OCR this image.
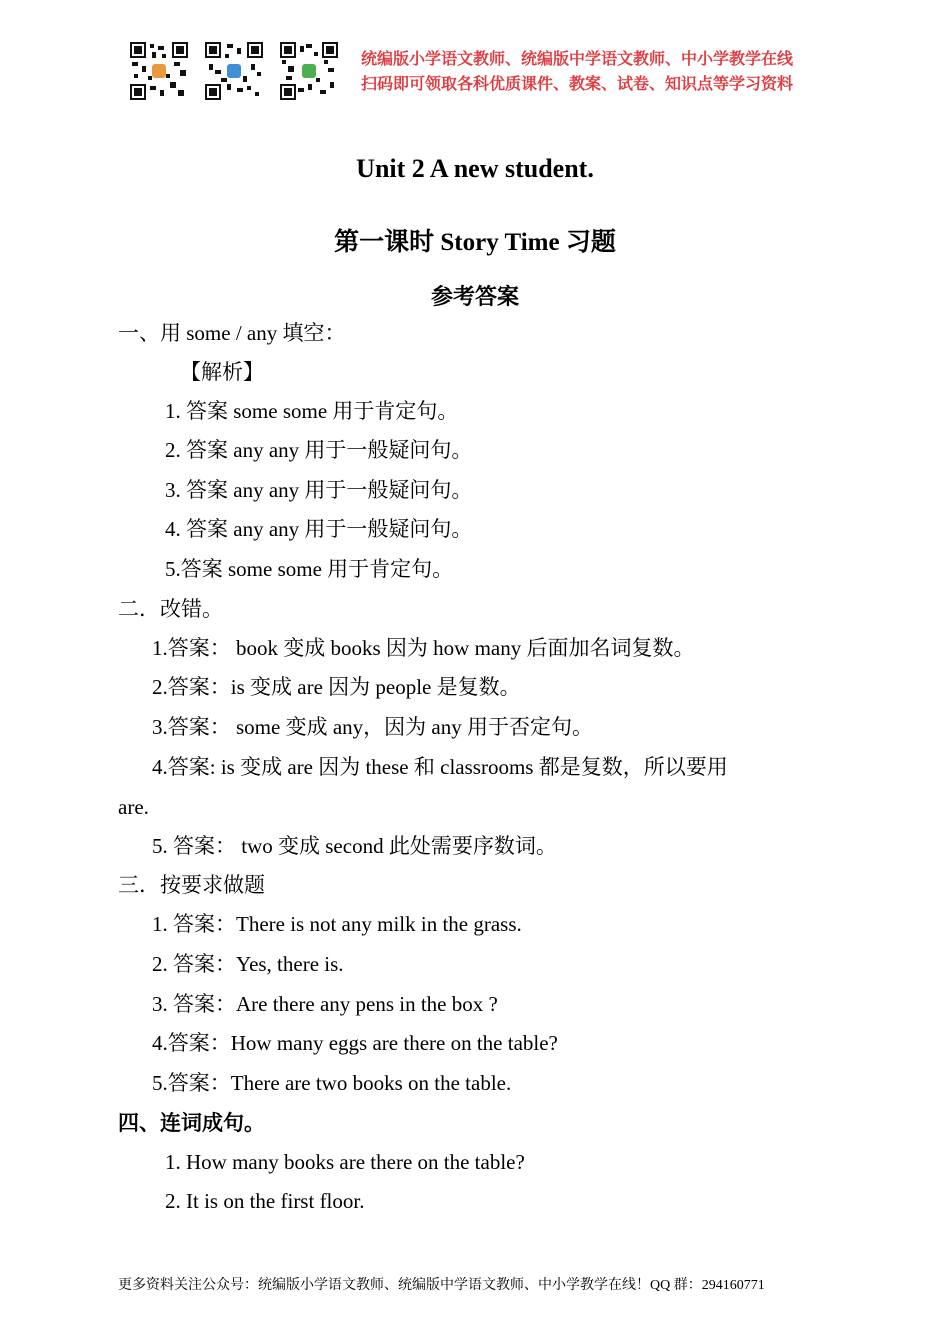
统编版小学语文教师、统编版中学语文教师、中小学教学在线
扫码即可领取各科优质课件、教案、试卷、知识点等学习资料
Unit 2 A new student.
第一课时 Story Time 习题
参考答案
一、用 some / any 填空：
【解析】
1. 答案 some some 用于肯定句。
2. 答案 any any 用于一般疑问句。
3. 答案 any any 用于一般疑问句。
4. 答案 any any 用于一般疑问句。
5.答案 some some 用于肯定句。
二．改错。
1.答案： book 变成 books 因为 how many 后面加名词复数。
2.答案：is 变成 are 因为 people 是复数。
3.答案： some 变成 any，因为 any 用于否定句。
4.答案: is 变成 are 因为 these 和 classrooms 都是复数，所以要用
are.
5. 答案： two 变成 second 此处需要序数词。
三．按要求做题
1. 答案：There is not any milk in the grass.
2. 答案：Yes, there is.
3. 答案：Are there any pens in the box ?
4.答案：How many eggs are there on the table?
5.答案：There are two books on the table.
四、连词成句。
1. How many books are there on the table?
2. It is on the first floor.
更多资料关注公众号：统编版小学语文教师、统编版中学语文教师、中小学教学在线！QQ 群：294160771
